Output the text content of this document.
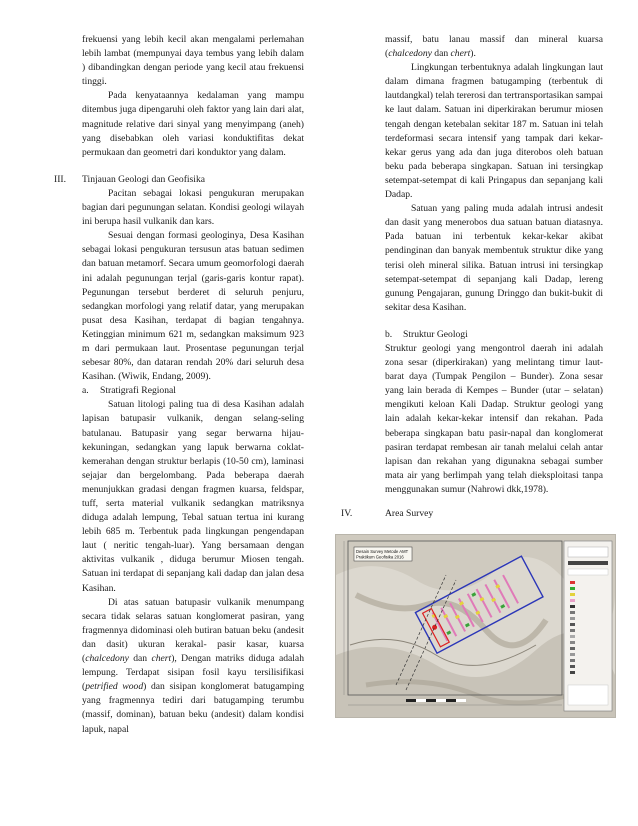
frekuensi yang lebih kecil akan mengalami perlemahan lebih lambat (mempunyai daya tembus yang lebih dalam ) dibandingkan dengan periode yang kecil atau frekuensi tinggi.

Pada kenyataannya kedalaman yang mampu ditembus juga dipengaruhi oleh faktor yang lain dari alat, magnitude relative dari sinyal yang menyimpang (aneh) yang disebabkan oleh variasi konduktifitas dekat permukaan dan geometri dari konduktor yang dalam.

III. Tinjauan Geologi dan Geofisika

Pacitan sebagai lokasi pengukuran merupakan bagian dari pegunungan selatan. Kondisi geologi wilayah ini berupa hasil vulkanik dan kars.

Sesuai dengan formasi geologinya, Desa Kasihan sebagai lokasi pengukuran tersusun atas batuan sedimen dan batuan metamorf. Secara umum geomorfologi daerah ini adalah pegunungan terjal (garis-garis kontur rapat). Pegunungan tersebut berderet di seluruh penjuru, sedangkan morfologi yang relatif datar, yang merupakan pusat desa Kasihan, terdapat di bagian tengahnya. Ketinggian minimum 621 m, sedangkan maksimum 923 m dari permukaan laut. Prosentase pegunungan terjal sebesar 80%, dan dataran rendah 20% dari seluruh desa Kasihan. (Wiwik, Endang, 2009).

a. Stratigrafi Regional

Satuan litologi paling tua di desa Kasihan adalah lapisan batupasir vulkanik, dengan selang-seling batulanau. Batupasir yang segar berwarna hijau-kekuningan, sedangkan yang lapuk berwarna coklat-kemerahan dengan struktur berlapis (10-50 cm), laminasi sejajar dan bergelombang. Pada beberapa daerah menunjukkan gradasi dengan fragmen kuarsa, feldspar, tuff, serta material vulkanik sedangkan matriksnya diduga adalah lempung, Tebal satuan tertua ini kurang lebih 685 m. Terbentuk pada lingkungan pengendapan laut ( neritic tengah-luar). Yang bersamaan dengan aktivitas vulkanik , diduga berumur Miosen tengah. Satuan ini terdapat di sepanjang kali dadap dan jalan desa Kasihan.

Di atas satuan batupasir vulkanik menumpang secara tidak selaras satuan konglomerat pasiran, yang fragmennya didominasi oleh butiran batuan beku (andesit dan dasit) ukuran kerakal- pasir kasar, kuarsa (chalcedony dan chert), Dengan matriks diduga adalah lempung. Terdapat sisipan fosil kayu tersilisifikasi (petrified wood) dan sisipan konglomerat batugamping yang fragmennya tediri dari batugamping terumbu (massif, dominan), batuan beku (andesit) dalam kondisi lapuk, napal

massif, batu lanau massif dan mineral kuarsa (chalcedony dan chert).

Lingkungan terbentuknya adalah lingkungan laut dalam dimana fragmen batugamping (terbentuk di lautdangkal) telah tererosi dan tertransportasikan sampai ke laut dalam. Satuan ini diperkirakan berumur miosen tengah dengan ketebalan sekitar 187 m. Satuan ini telah terdeformasi secara intensif yang tampak dari kekar-kekar gerus yang ada dan juga diterobos oleh batuan beku pada beberapa singkapan. Satuan ini tersingkap setempat-setempat di kali Pringapus dan sepanjang kali Dadap.

Satuan yang paling muda adalah intrusi andesit dan dasit yang menerobos dua satuan batuan diatasnya. Pada batuan ini terbentuk kekar-kekar akibat pendinginan dan banyak membentuk struktur dike yang terisi oleh mineral silika. Batuan intrusi ini tersingkap setempat-setempat di sepanjang kali Dadap, lereng gunung Pengajaran, gunung Dringgo dan bukit-bukit di sekitar desa Kasihan.

b. Struktur Geologi

Struktur geologi yang mengontrol daerah ini adalah zona sesar (diperkirakan) yang melintang timur laut- barat daya (Tumpak Pengilon – Bunder). Zona sesar yang lain berada di Kempes – Bunder (utar – selatan) mengikuti keloan Kali Dadap. Struktur geologi yang lain adalah kekar-kekar intensif dan rekahan. Pada beberapa singkapan batu pasir-napal dan konglomerat pasiran terdapat rembesan air tanah melalui celah antar lapisan dan rekahan yang digunakna sebagai sumber mata air yang berlimpah yang telah dieksploitasi tanpa menggunakan sumur (Nahrowi dkk,1978).

IV.	Area Survey

Desain Survey Metode AMT
Praktikum Geofisika 2016
